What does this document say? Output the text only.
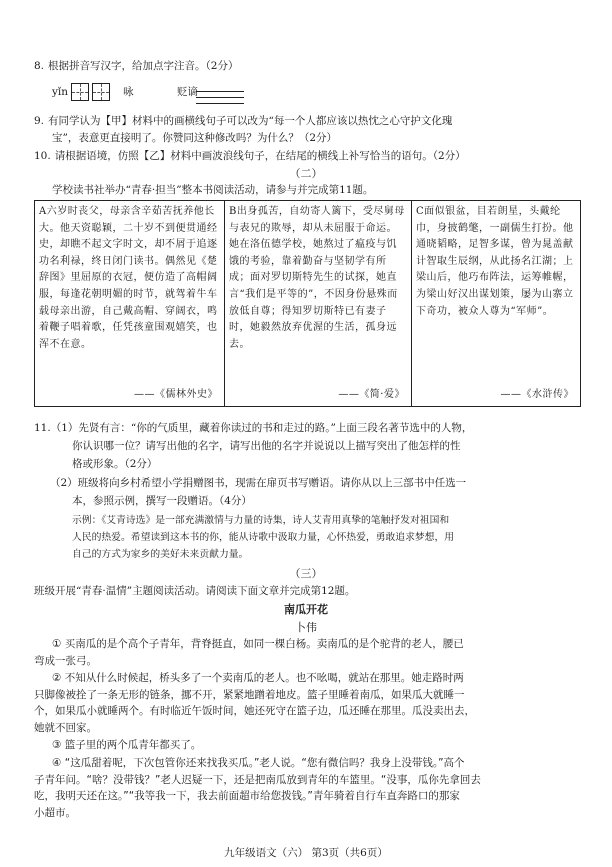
8. 根据拼音写汉字，给加点字注音。（2分）
yǐn	咏	贬谪
9. 有同学认为【甲】材料中的画横线句子可以改为“每一个人都应该以热忱之心守护文化瑰
宝”，表意更直接明了。你赞同这种修改吗？为什么？（2分）
10. 请根据语境，仿照【乙】材料中画波浪线句子，在结尾的横线上补写恰当的语句。（2分）
（二）
学校读书社举办“青春·担当”整本书阅读活动，请参与并完成第11题。
A六岁时丧父，母亲含辛茹苦抚养他长大。他天资聪颖，二十岁不到便贯通经史，却瞧不起文字时文，却不屑于追逐功名利禄，终日闭门读书。偶然见《楚辞图》里屈原的衣冠，便仿造了高帽阔服，每逢花朝明媚的时节，就驾着牛车载母亲出游，自己戴高帽、穿阔衣，鸣着鞭子唱着歌，任凭孩童围观嬉笑，也浑不在意。
——《儒林外史》
B出身孤苦，自幼寄人篱下，受尽舅母与表兄的欺辱，却从未屈服于命运。她在洛伍德学校，她熬过了瘟疫与饥饿的考验，靠着勤奋与坚韧学有所成；面对罗切斯特先生的试探，她直言“我们是平等的”，不因身份悬殊而放低自尊；得知罗切斯特已有妻子时，她毅然放弃优渥的生活，孤身远去。
——《简·爱》
C面似银盆，目若朗星，头戴纶巾，身披鹤氅，一副儒生打扮。他通晓韬略，足智多谋，曾为晁盖献计智取生辰纲，从此扬名江湖；上梁山后，他巧布阵法，运筹帷幄，为梁山好汉出谋划策，屡为山寨立下奇功，被众人尊为“军师”。
——《水浒传》
11.（1）先贤有言：“你的气质里，藏着你读过的书和走过的路。”上面三段名著节选中的人物，
你认识哪一位？请写出他的名字，请写出他的名字并说说以上描写突出了他怎样的性
格或形象。（2分）
（2）班级将向乡村希望小学捐赠图书，现需在扉页书写赠语。请你从以上三部书中任选一
本，参照示例，撰写一段赠语。（4分）
示例：《艾青诗选》是一部充满激情与力量的诗集，诗人艾青用真挚的笔触抒发对祖国和
人民的热爱。希望读到这本书的你，能从诗歌中汲取力量，心怀热爱，勇敢追求梦想，用
自己的方式为家乡的美好未来贡献力量。
（三）
班级开展“青春·温情”主题阅读活动。请阅读下面文章并完成第12题。
南瓜开花
卜伟
① 买南瓜的是个高个子青年，背脊挺直，如同一棵白杨。卖南瓜的是个驼背的老人，腰已
弯成一张弓。
② 不知从什么时候起，桥头多了一个卖南瓜的老人。也不吆喝，就站在那里。她走路时两
只脚像被拴了一条无形的链条，挪不开，紧紧地蹭着地皮。篮子里睡着南瓜，如果瓜大就睡一
个，如果瓜小就睡两个。有时临近午饭时间，她还死守在篮子边，瓜还睡在那里。瓜没卖出去，
她就不回家。
③ 篮子里的两个瓜青年都买了。
④ “这瓜甜着呢，下次包管你还来找我买瓜。”老人说。“您有微信吗？我身上没带钱。”高个
子青年问。“啥？没带钱？”老人迟疑一下，还是把南瓜放到青年的车篮里。“没事，瓜你先拿回去
吃，我明天还在这。”“我等我一下，我去前面超市给您拨钱。”青年骑着自行车直奔路口的那家
小超市。
九年级语文（六） 第3页（共6页）
